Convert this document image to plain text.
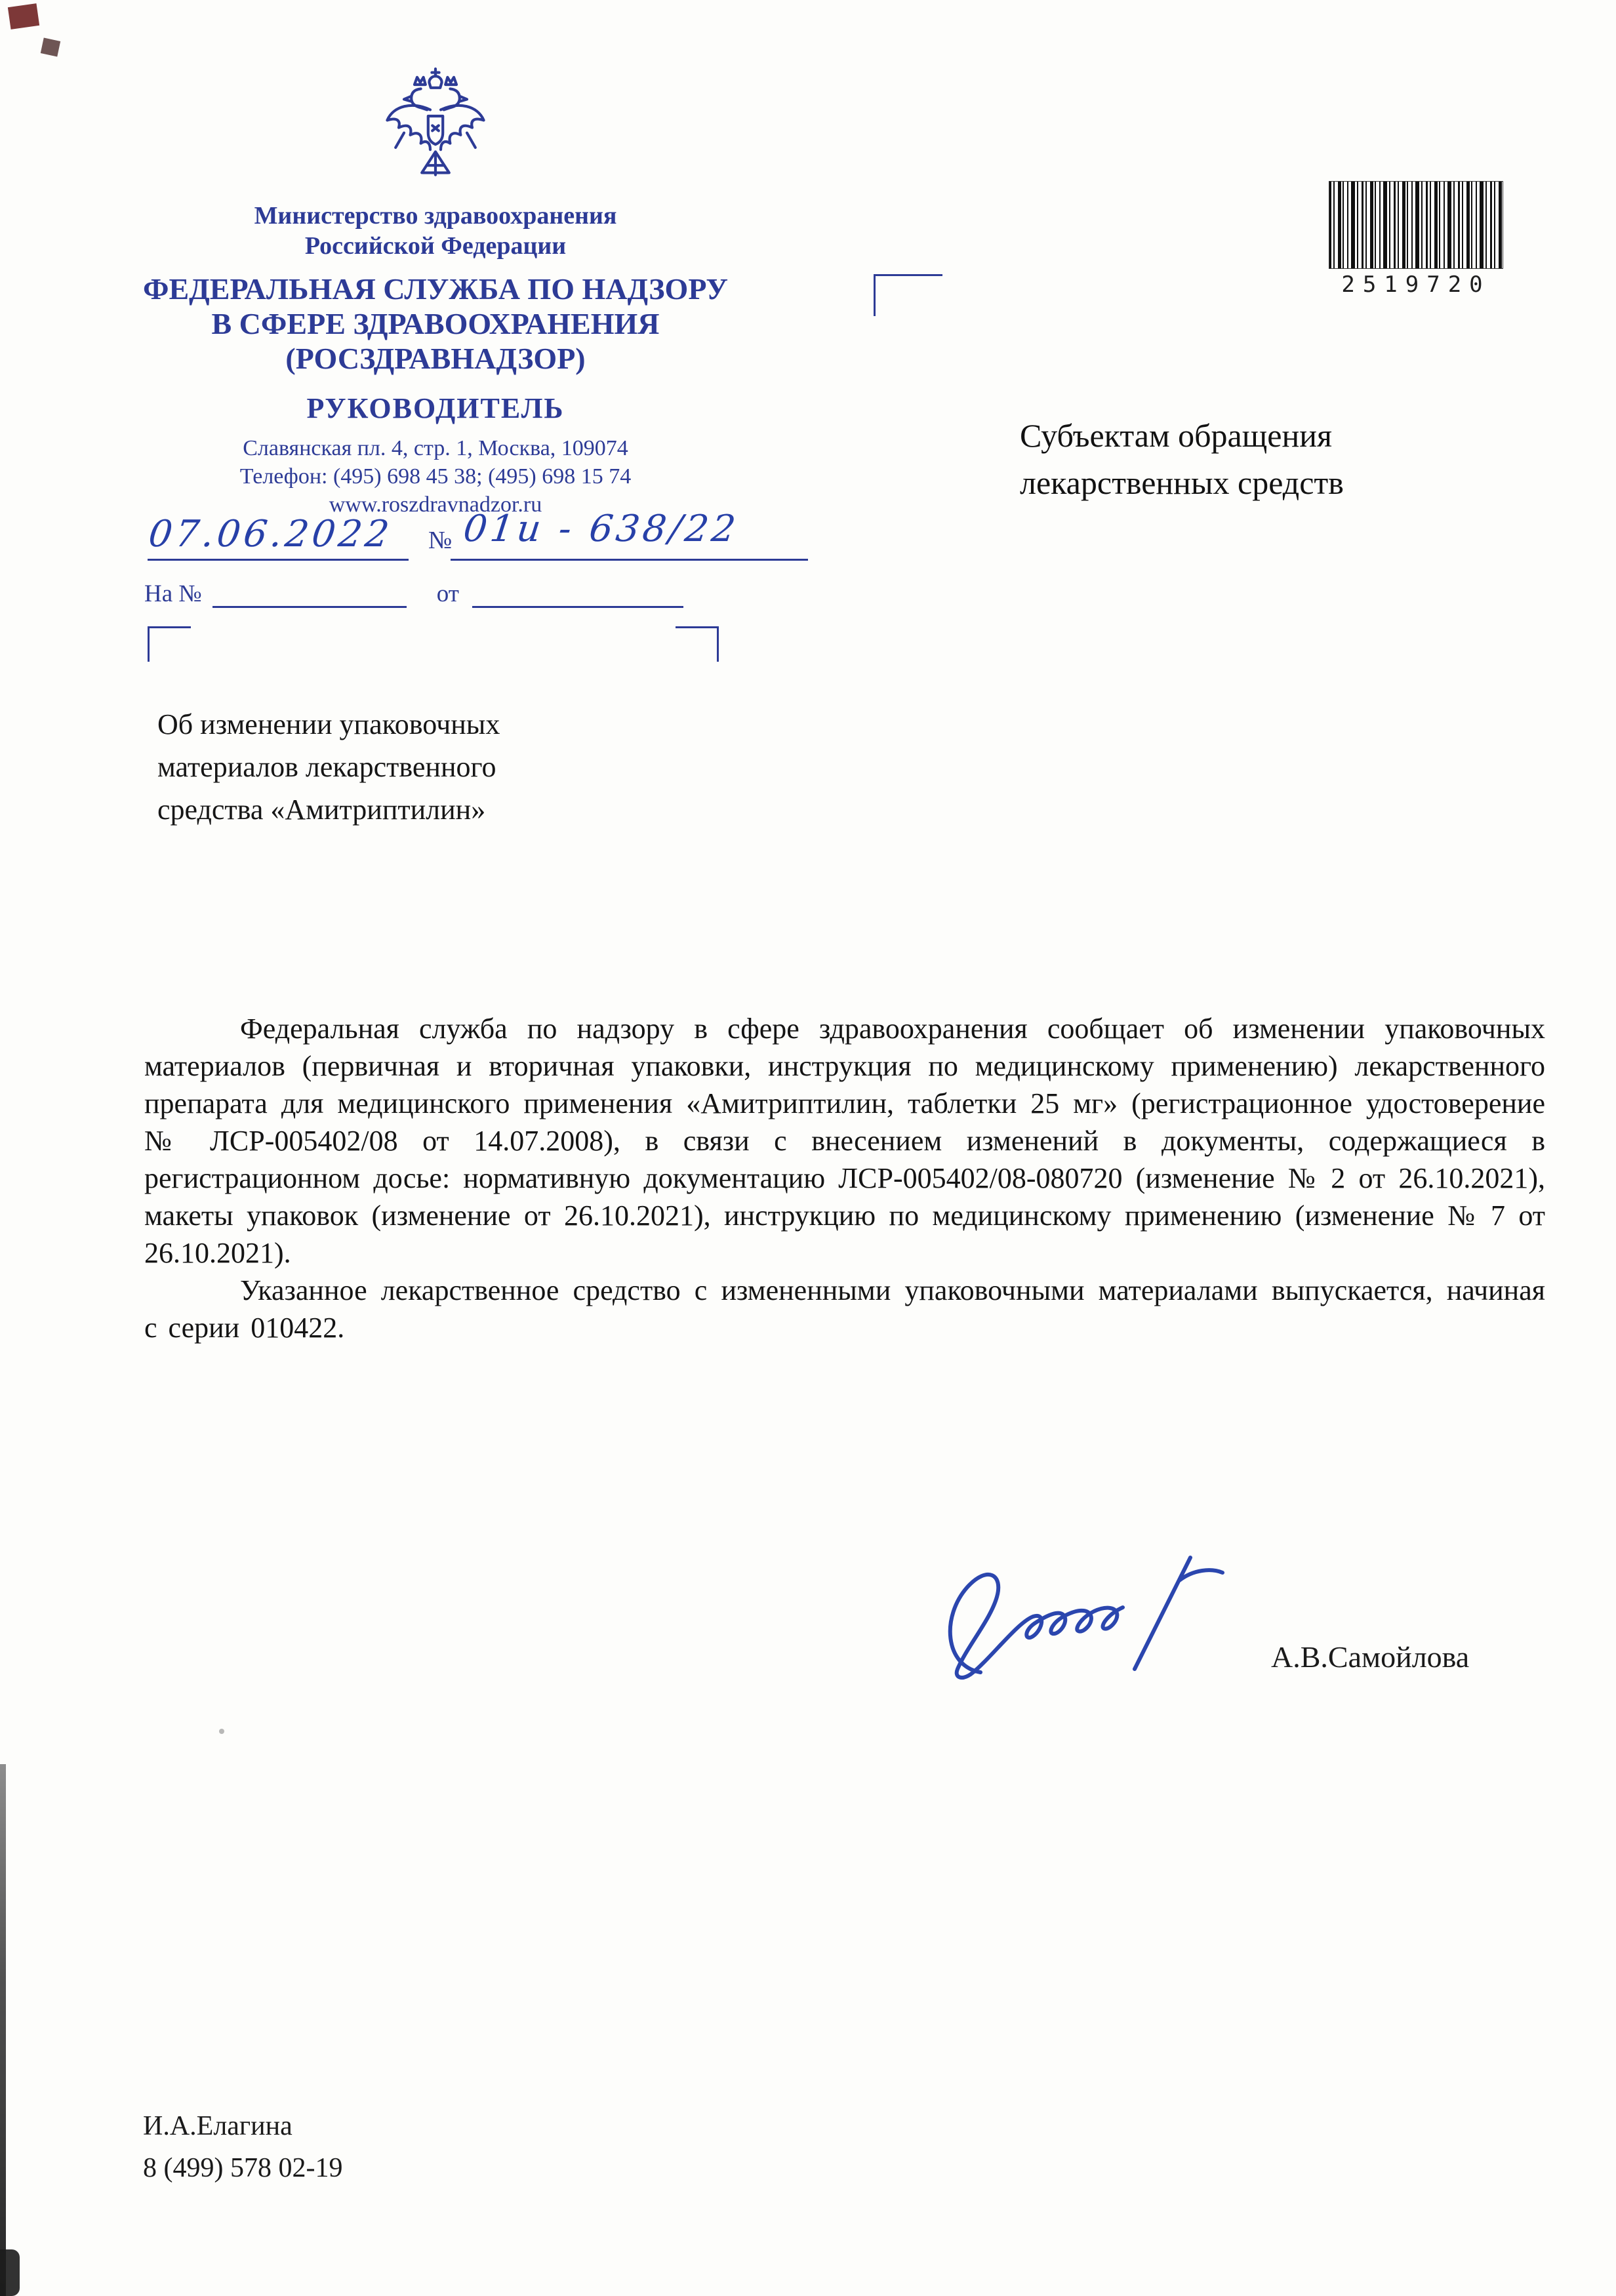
Министерство здравоохранения
Российской Федерации
ФЕДЕРАЛЬНАЯ СЛУЖБА ПО НАДЗОРУ
В СФЕРЕ ЗДРАВООХРАНЕНИЯ
(РОСЗДРАВНАДЗОР)
РУКОВОДИТЕЛЬ
Славянская пл. 4, стр. 1, Москва, 109074
Телефон: (495) 698 45 38; (495) 698 15 74
www.roszdravnadzor.ru
07.06.2022 № 01и - 638/22
На №	от
2519720
Субъектам обращения
лекарственных средств
Об изменении упаковочных
материалов лекарственного
средства «Амитриптилин»

Федеральная служба по надзору в сфере здравоохранения сообщает об изменении упаковочных материалов (первичная и вторичная упаковки, инструкция по медицинскому применению) лекарственного препарата для медицинского применения «Амитриптилин, таблетки 25 мг» (регистрационное удостоверение № ЛСР-005402/08 от 14.07.2008), в связи с внесением изменений в документы, содержащиеся в регистрационном досье: нормативную документацию ЛСР-005402/08-080720 (изменение № 2 от 26.10.2021), макеты упаковок (изменение от 26.10.2021), инструкцию по медицинскому применению (изменение № 7 от 26.10.2021).

Указанное лекарственное средство с измененными упаковочными материалами выпускается, начиная с серии 010422.

А.В.Самойлова
И.А.Елагина
8 (499) 578 02-19
